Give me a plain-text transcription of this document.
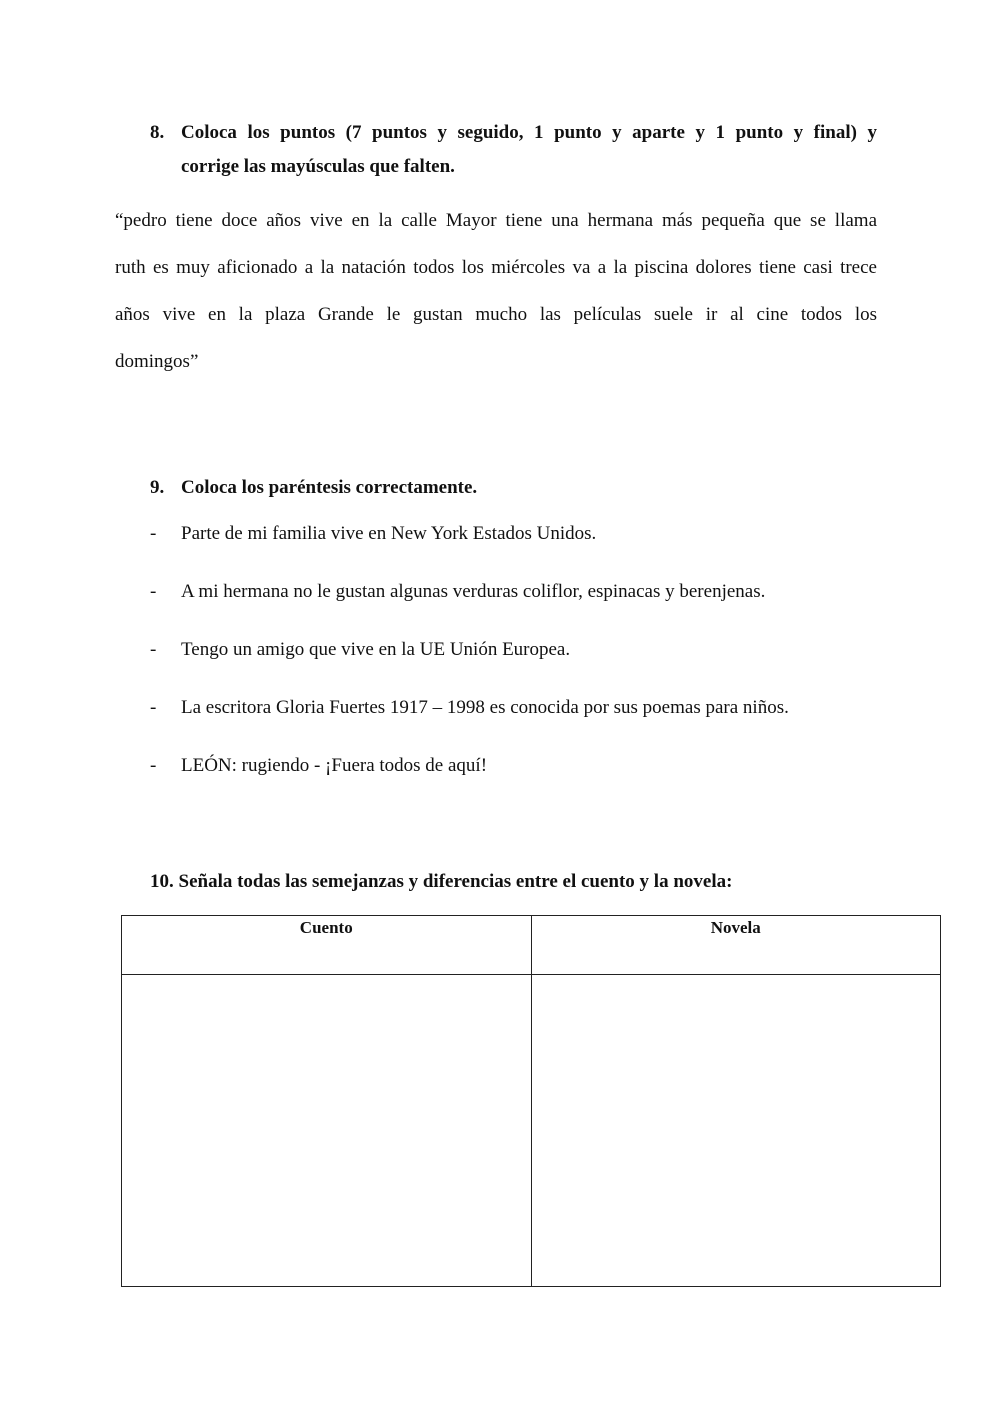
8. Coloca los puntos (7 puntos y seguido, 1 punto y aparte y 1 punto y final) y
corrige las mayúsculas que falten.
“pedro tiene doce años vive en la calle Mayor tiene una hermana más pequeña que se llama
ruth es muy aficionado a la natación todos los miércoles va a la piscina dolores tiene casi trece
años vive en la plaza Grande le gustan mucho las películas suele ir al cine todos los
domingos”
9. Coloca los paréntesis correctamente.
- Parte de mi familia vive en New York Estados Unidos.
- A mi hermana no le gustan algunas verduras coliflor, espinacas y berenjenas.
- Tengo un amigo que vive en la UE Unión Europea.
- La escritora Gloria Fuertes 1917 – 1998 es conocida por sus poemas para niños.
- LEÓN: rugiendo - ¡Fuera todos de aquí!
10. Señala todas las semejanzas y diferencias entre el cuento y la novela:
Cuento	Novela
